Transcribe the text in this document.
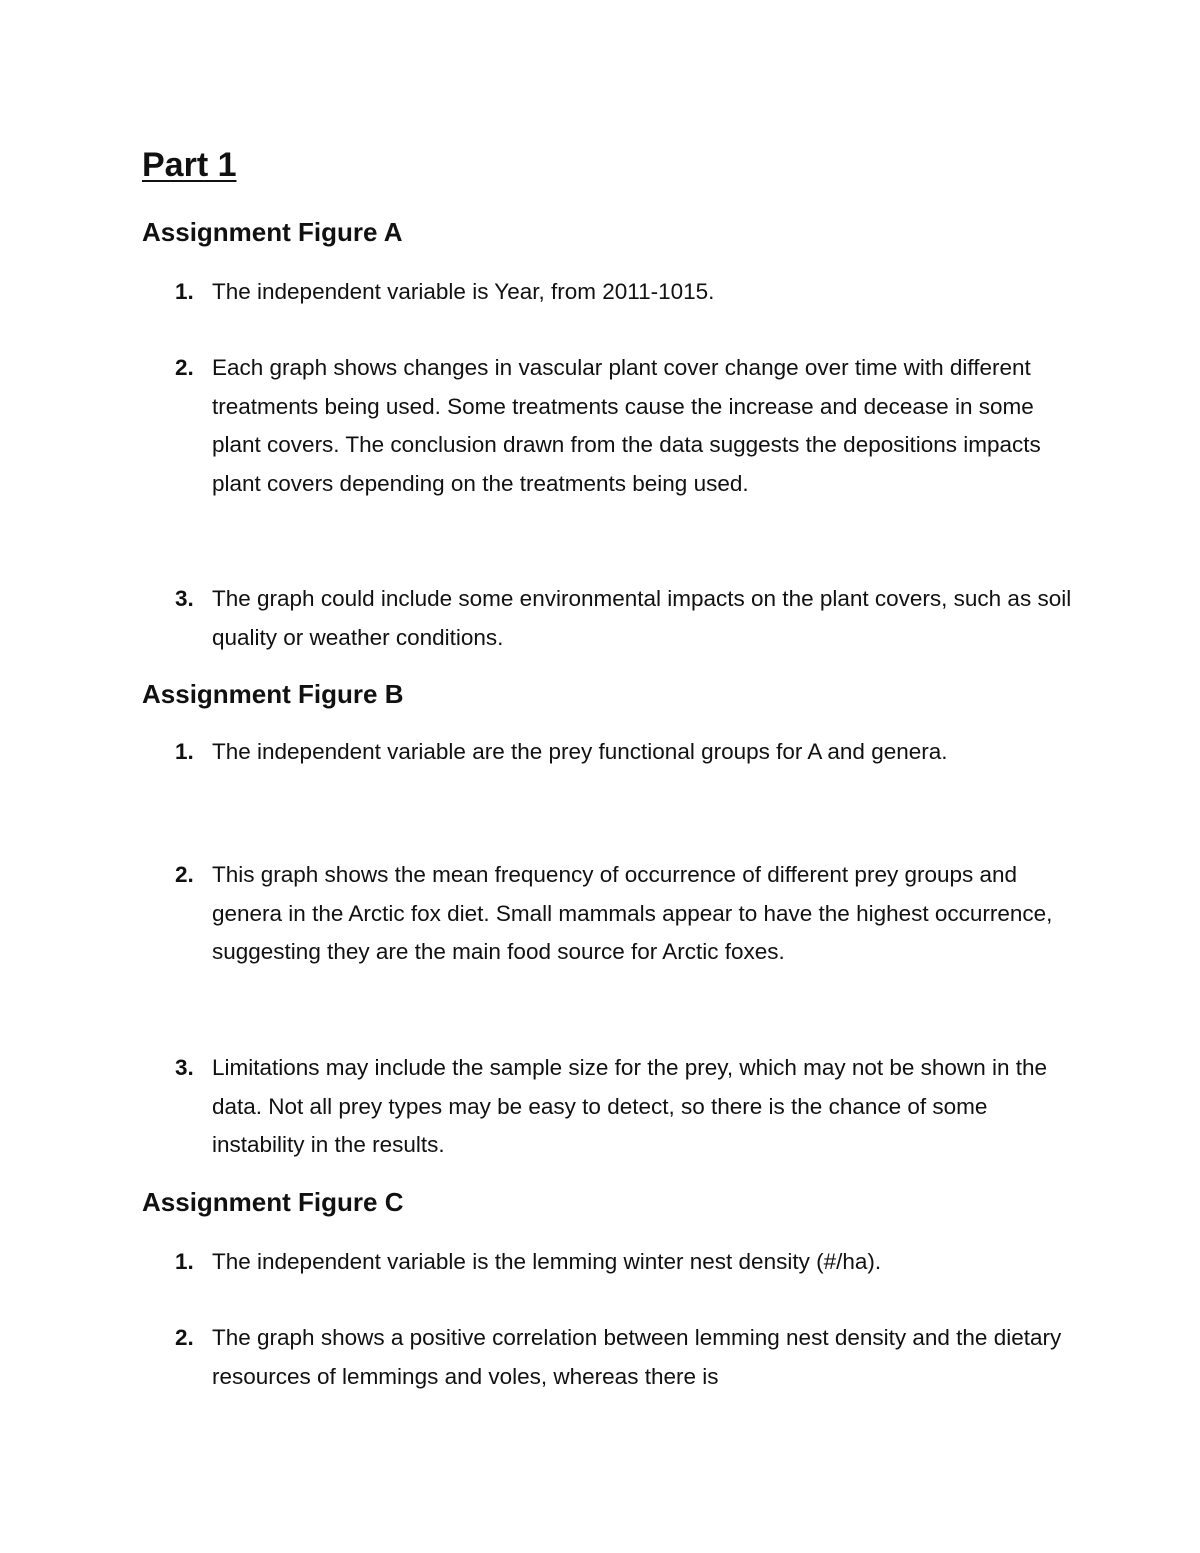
Part 1
Assignment Figure A
1. The independent variable is Year, from 2011-1015.
2. Each graph shows changes in vascular plant cover change over time with different treatments being used. Some treatments cause the increase and decease in some plant covers. The conclusion drawn from the data suggests the depositions impacts plant covers depending on the treatments being used.
3. The graph could include some environmental impacts on the plant covers, such as soil quality or weather conditions.
Assignment Figure B
1. The independent variable are the prey functional groups for A and genera.
2. This graph shows the mean frequency of occurrence of different prey groups and genera in the Arctic fox diet. Small mammals appear to have the highest occurrence, suggesting they are the main food source for Arctic foxes.
3. Limitations may include the sample size for the prey, which may not be shown in the data. Not all prey types may be easy to detect, so there is the chance of some instability in the results.
Assignment Figure C
1. The independent variable is the lemming winter nest density (#/ha).
2. The graph shows a positive correlation between lemming nest density and the dietary resources of lemmings and voles, whereas there is
